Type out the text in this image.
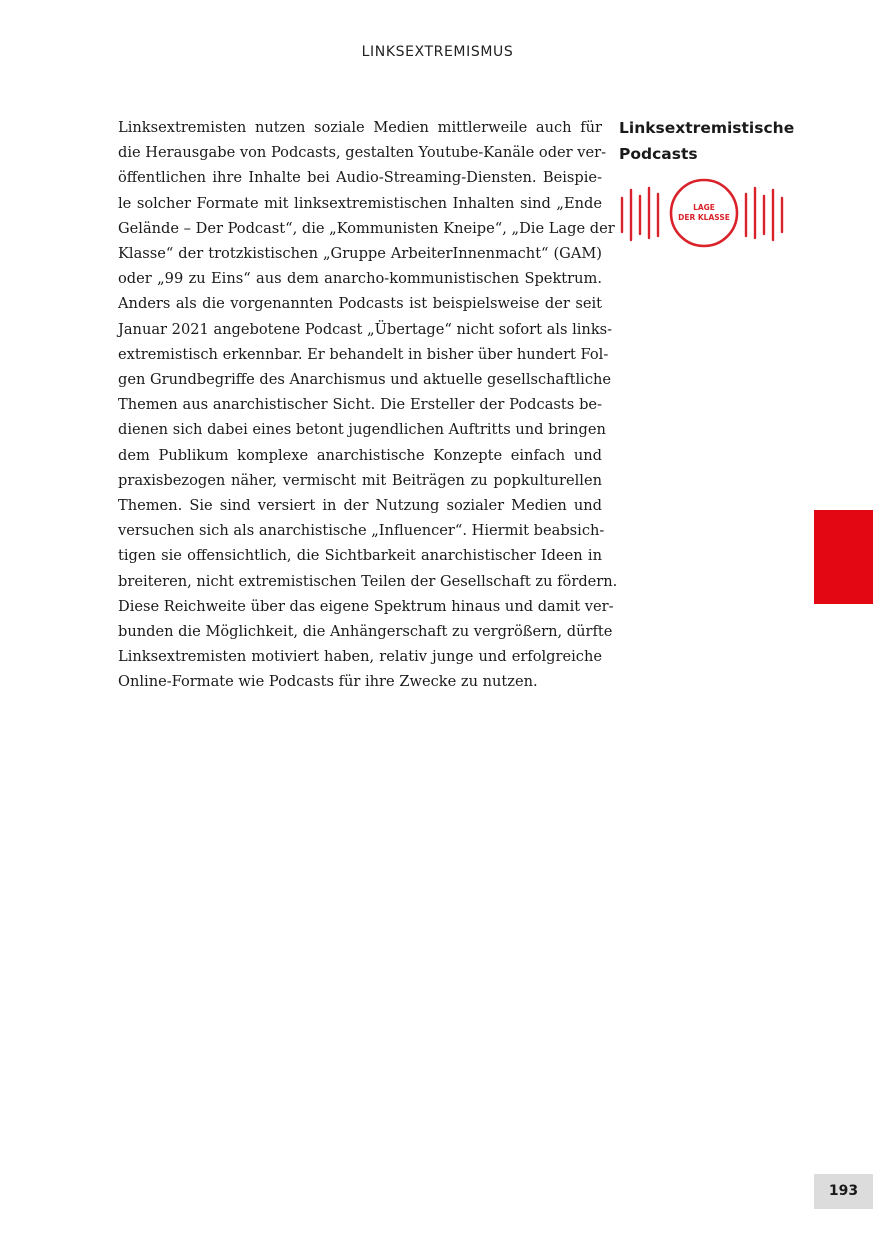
LINKSEXTREMISMUS

Linksextremisten nutzen soziale Medien mittlerweile auch für
die Herausgabe von Podcasts, gestalten Youtube-Kanäle oder ver-
öffentlichen ihre Inhalte bei Audio-Streaming-Diensten. Beispie-
le solcher Formate mit linksextremistischen Inhalten sind „Ende
Gelände – Der Podcast“, die „Kommunisten Kneipe“, „Die Lage der
Klasse“ der trotzkistischen „Gruppe ArbeiterInnenmacht“ (GAM)
oder „99 zu Eins“ aus dem anarcho-kommunistischen Spektrum.
Anders als die vorgenannten Podcasts ist beispielsweise der seit
Januar 2021 angebotene Podcast „Übertage“ nicht sofort als links-
extremistisch erkennbar. Er behandelt in bisher über hundert Fol-
gen Grundbegriffe des Anarchismus und aktuelle gesellschaftliche
Themen aus anarchistischer Sicht. Die Ersteller der Podcasts be-
dienen sich dabei eines betont jugendlichen Auftritts und bringen
dem Publikum komplexe anarchistische Konzepte einfach und
praxisbezogen näher, vermischt mit Beiträgen zu popkulturellen
Themen. Sie sind versiert in der Nutzung sozialer Medien und
versuchen sich als anarchistische „Influencer“. Hiermit beabsich-
tigen sie offensichtlich, die Sichtbarkeit anarchistischer Ideen in
breiteren, nicht extremistischen Teilen der Gesellschaft zu fördern.
Diese Reichweite über das eigene Spektrum hinaus und damit ver-
bunden die Möglichkeit, die Anhängerschaft zu vergrößern, dürfte
Linksextremisten motiviert haben, relativ junge und erfolgreiche
Online-Formate wie Podcasts für ihre Zwecke zu nutzen.

Linksextremistische
Podcasts
LAGE
DER KLASSE
193
